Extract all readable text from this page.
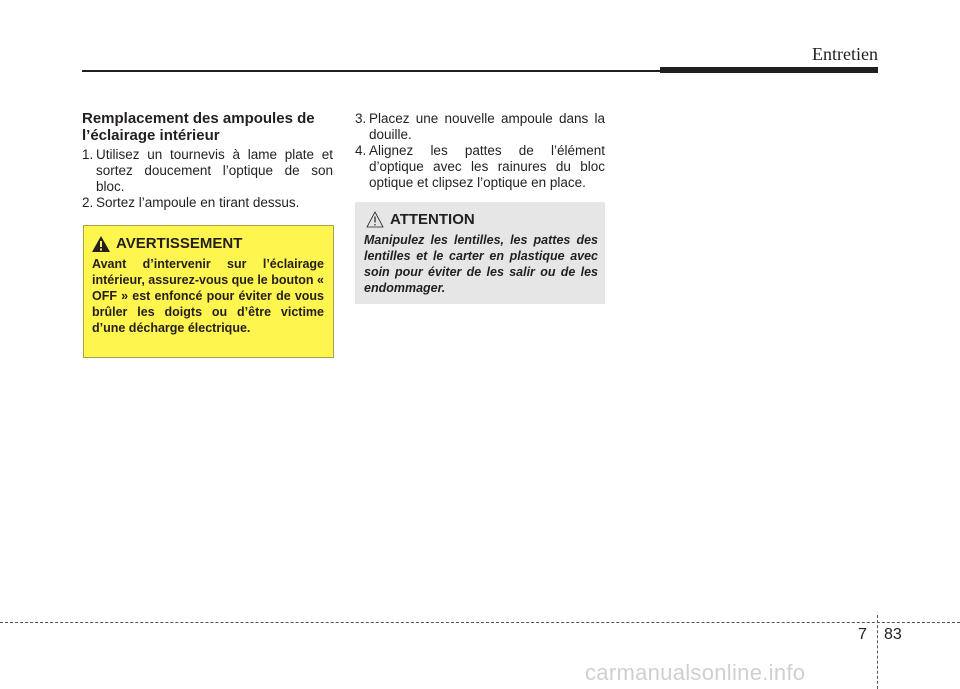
Entretien
Remplacement des ampoules de l’éclairage intérieur
1. Utilisez un tournevis à lame plate et sortez doucement l’optique de son bloc.
2. Sortez l’ampoule en tirant dessus.
AVERTISSEMENT
Avant d’intervenir sur l’éclairage intérieur, assurez-vous que le bouton « OFF » est enfoncé pour éviter de vous brûler les doigts ou d’être victime d’une décharge électrique.
3. Placez une nouvelle ampoule dans la douille.
4. Alignez les pattes de l’élément d’optique avec les rainures du bloc optique et clipsez l’optique en place.
ATTENTION
Manipulez les lentilles, les pattes des lentilles et le carter en plastique avec soin pour éviter de les salir ou de les endommager.
7 83
carmanualsonline.info
